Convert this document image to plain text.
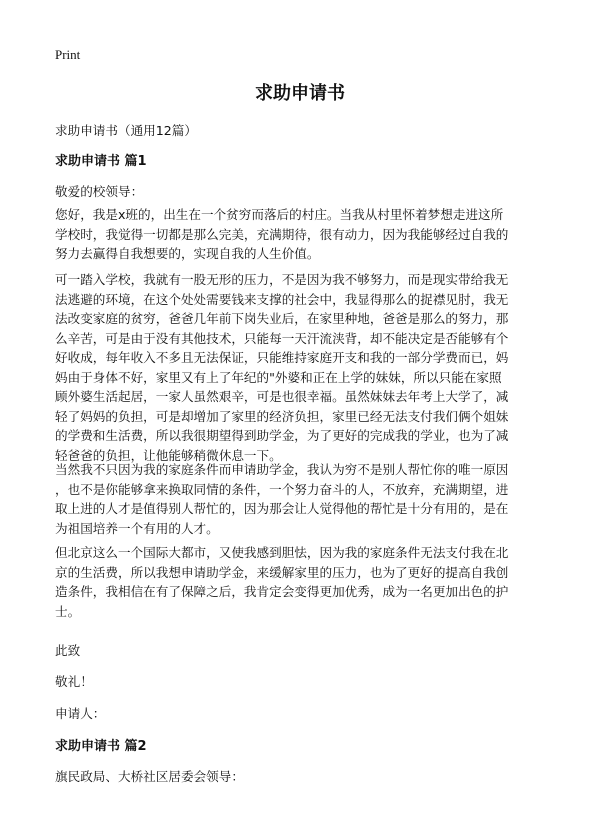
Print
求助申请书
求助申请书（通用12篇）
求助申请书 篇1
敬爱的校领导：
您好，我是x班的，出生在一个贫穷而落后的村庄。当我从村里怀着梦想走进这所
学校时，我觉得一切都是那么完美，充满期待，很有动力，因为我能够经过自我的
努力去赢得自我想要的，实现自我的人生价值。
可一踏入学校，我就有一股无形的压力，不是因为我不够努力，而是现实带给我无
法逃避的环境，在这个处处需要钱来支撑的社会中，我显得那么的捉襟见肘，我无
法改变家庭的贫穷，爸爸几年前下岗失业后，在家里种地，爸爸是那么的努力，那
么辛苦，可是由于没有其他技术，只能每一天汗流浃背，却不能决定是否能够有个
好收成，每年收入不多且无法保证，只能维持家庭开支和我的一部分学费而已，妈
妈由于身体不好，家里又有上了年纪的"外婆和正在上学的妹妹，所以只能在家照
顾外婆生活起居，一家人虽然艰辛，可是也很幸福。虽然妹妹去年考上大学了，减
轻了妈妈的负担，可是却增加了家里的经济负担，家里已经无法支付我们俩个姐妹
的学费和生活费，所以我很期望得到助学金，为了更好的完成我的学业，也为了减
轻爸爸的负担，让他能够稍微休息一下。
当然我不只因为我的家庭条件而申请助学金，我认为穷不是别人帮忙你的唯一原因
，也不是你能够拿来换取同情的条件，一个努力奋斗的人，不放弃，充满期望，进
取上进的人才是值得别人帮忙的，因为那会让人觉得他的帮忙是十分有用的，是在
为祖国培养一个有用的人才。
但北京这么一个国际大都市，又使我感到胆怯，因为我的家庭条件无法支付我在北
京的生活费，所以我想申请助学金，来缓解家里的压力，也为了更好的提高自我创
造条件，我相信在有了保障之后，我肯定会变得更加优秀，成为一名更加出色的护
士。
此致
敬礼！
申请人：
求助申请书 篇2
旗民政局、大桥社区居委会领导：
